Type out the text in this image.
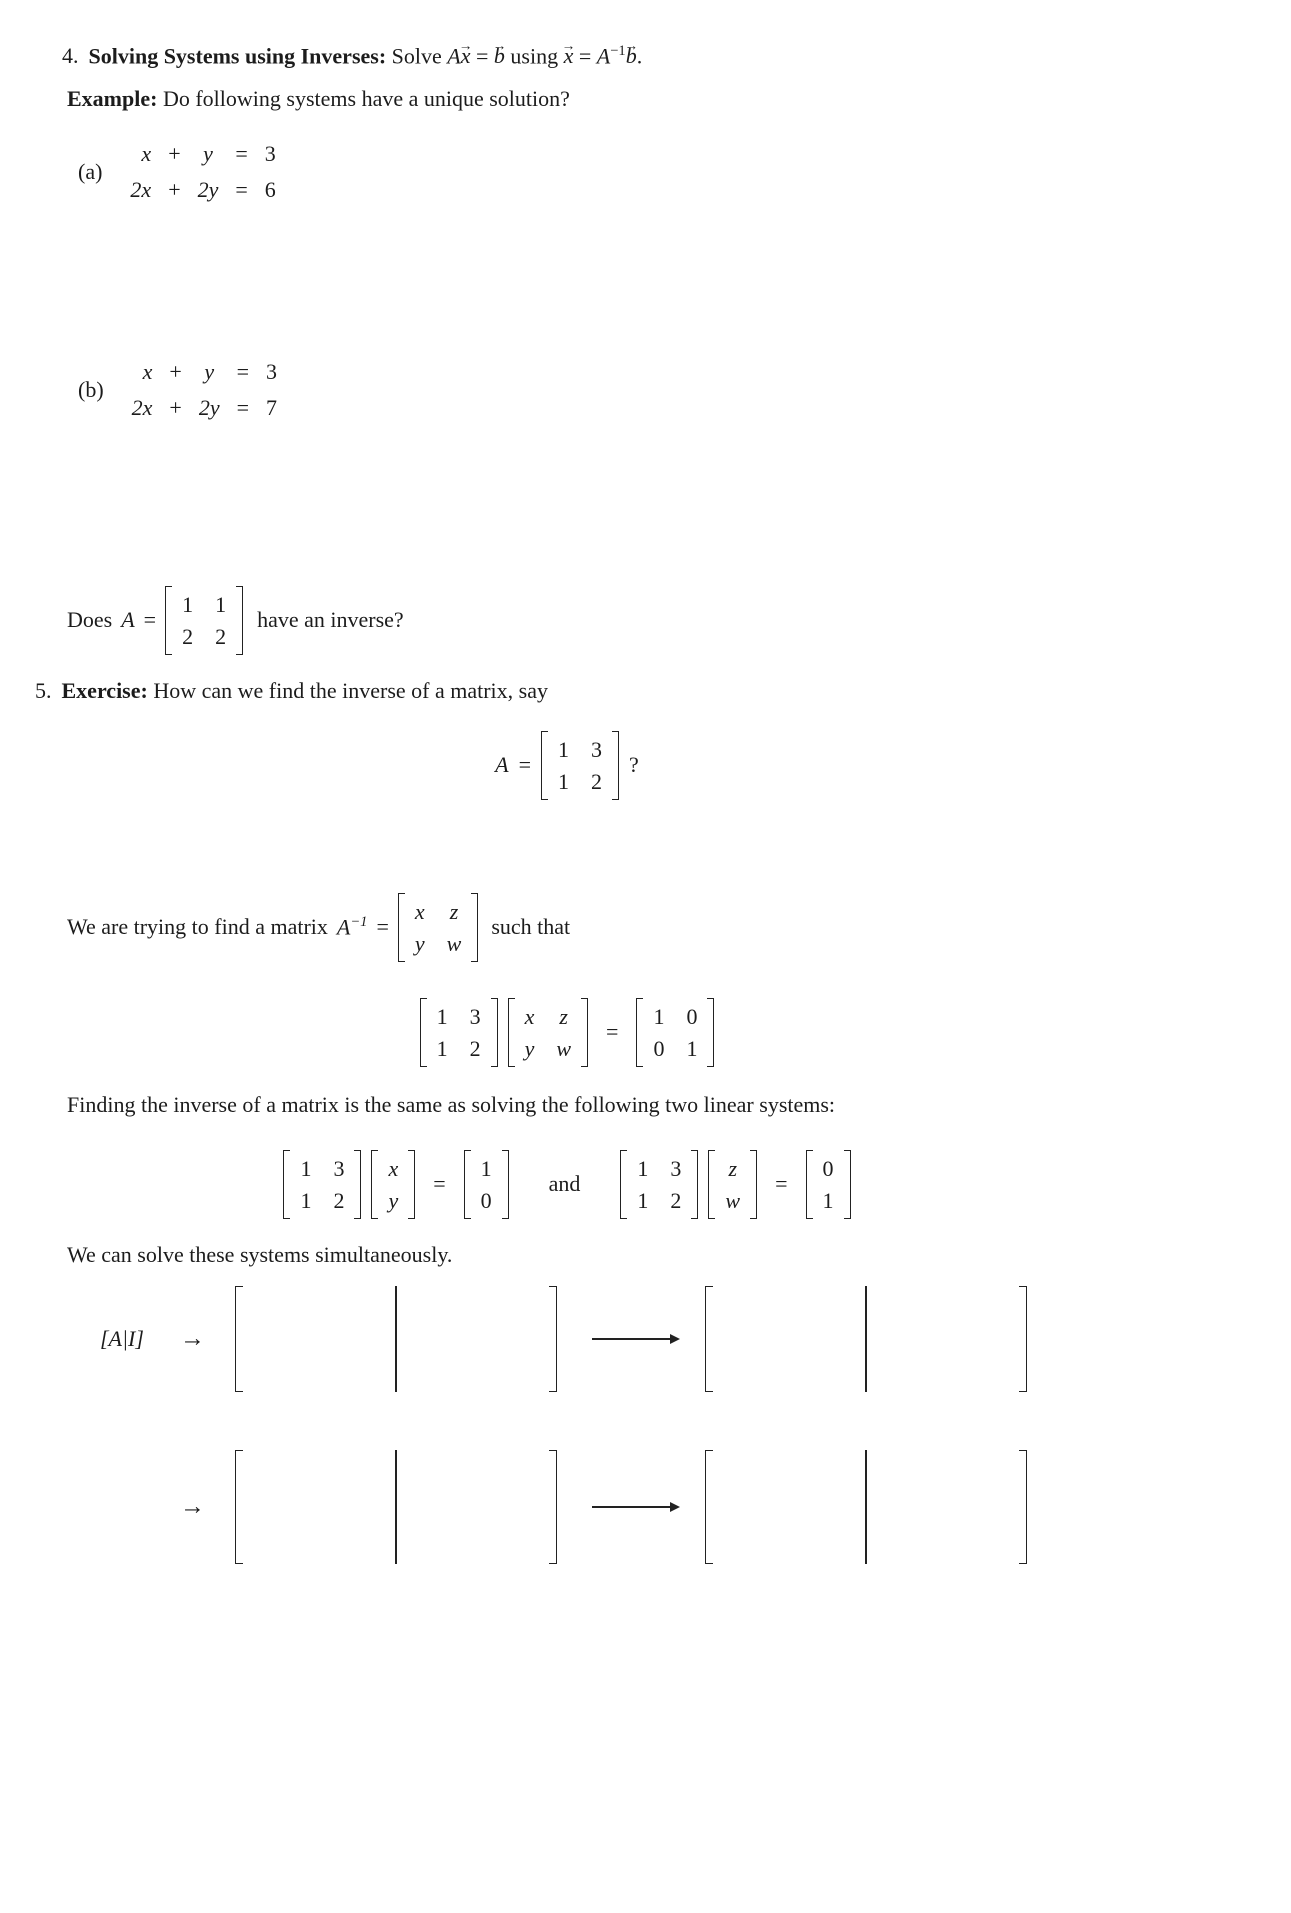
4. Solving Systems using Inverses: Solve Ax → = b → using x → = $A^{-1}b$ →.
Example: Do following systems have a unique solution?
(a)
x + y = 3
2x + 2y = 6
(b)
x + y = 3
2x + 2y = 7
Does A =
1 1
2 2
have an inverse?
5. Exercise: How can we find the inverse of a matrix, say
A =
1 3
1 2
?
We are trying to find a matrix $A^{-1}$ =
x z
y w
such that
1 3
1 2
x z
y w
=
1 0
0 1
Finding the inverse of a matrix is the same as solving the following two linear systems:
1 3
1 2
x
y
=
1
0
and
1 3
1 2
z
w
=
0
1
We can solve these systems simultaneously.
[A|I] →
→
